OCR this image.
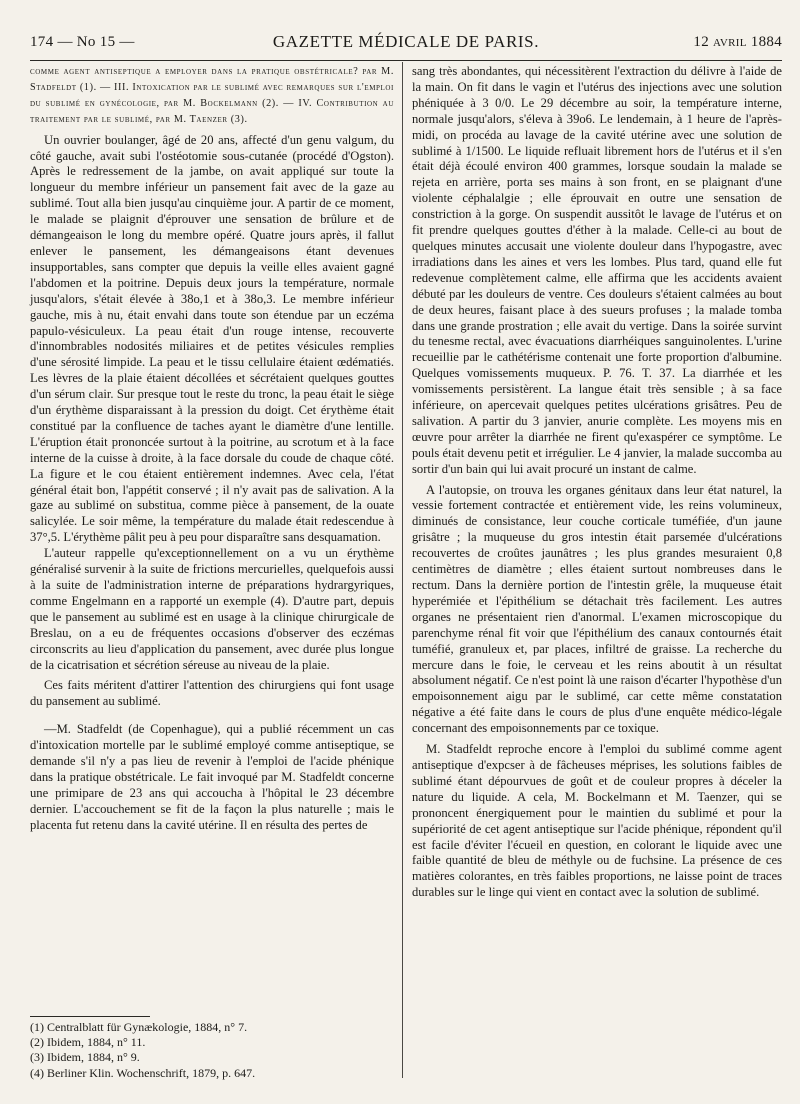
174 — No 15 —	GAZETTE MÉDICALE DE PARIS.	12 avril 1884

comme agent antiseptique a employer dans la pratique obstétricale? par M. Stadfeldt (1). — III. Intoxication par le sublimé avec remarques sur l'emploi du sublimé en gynécologie, par M. Bockelmann (2). — IV. Contribution au traitement par le sublimé, par M. Taenzer (3).

Un ouvrier boulanger, âgé de 20 ans, affecté d'un genu valgum, du côté gauche, avait subi l'ostéotomie sous-cutanée (procédé d'Ogston). Après le redressement de la jambe, on avait appliqué sur toute la longueur du membre inférieur un pansement fait avec de la gaze au sublimé. Tout alla bien jusqu'au cinquième jour. A partir de ce moment, le malade se plaignit d'éprouver une sensation de brûlure et de démangeaison le long du membre opéré. Quatre jours après, il fallut enlever le pansement, les démangeaisons étant devenues insupportables, sans compter que depuis la veille elles avaient gagné l'abdomen et la poitrine. Depuis deux jours la température, normale jusqu'alors, s'était élevée à 38o,1 et à 38o,3. Le membre inférieur gauche, mis à nu, était envahi dans toute son étendue par un eczéma papulo-vésiculeux. La peau était d'un rouge intense, recouverte d'innombrables nodosités miliaires et de petites vésicules remplies d'une sérosité limpide. La peau et le tissu cellulaire étaient œdématiés. Les lèvres de la plaie étaient décollées et sécrétaient quelques gouttes d'un sérum clair. Sur presque tout le reste du tronc, la peau était le siège d'un érythème disparaissant à la pression du doigt. Cet érythème était constitué par la confluence de taches ayant le diamètre d'une lentille. L'éruption était prononcée surtout à la poitrine, au scrotum et à la face interne de la cuisse à droite, à la face dorsale du coude de chaque côté. La figure et le cou étaient entièrement indemnes. Avec cela, l'état général était bon, l'appétit conservé ; il n'y avait pas de salivation. A la gaze au sublimé on substitua, comme pièce à pansement, de la ouate salicylée. Le soir même, la température du malade était redescendue à 37°,5. L'érythème pâlit peu à peu pour disparaître sans desquamation.

L'auteur rappelle qu'exceptionnellement on a vu un érythème généralisé survenir à la suite de frictions mercurielles, quelquefois aussi à la suite de l'administration interne de préparations hydrargyriques, comme Engelmann en a rapporté un exemple (4). D'autre part, depuis que le pansement au sublimé est en usage à la clinique chirurgicale de Breslau, on a eu de fréquentes occasions d'observer des eczémas circonscrits au lieu d'application du pansement, avec durée plus longue de la cicatrisation et sécrétion séreuse au niveau de la plaie.

Ces faits méritent d'attirer l'attention des chirurgiens qui font usage du pansement au sublimé.

—M. Stadfeldt (de Copenhague), qui a publié récemment un cas d'intoxication mortelle par le sublimé employé comme antiseptique, se demande s'il n'y a pas lieu de revenir à l'emploi de l'acide phénique dans la pratique obstétricale. Le fait invoqué par M. Stadfeldt concerne une primipare de 23 ans qui accoucha à l'hôpital le 23 décembre dernier. L'accouchement se fit de la façon la plus naturelle ; mais le placenta fut retenu dans la cavité utérine. Il en résulta des pertes de

(1) Centralblatt für Gynækologie, 1884, n° 7.
(2) Ibidem, 1884, n° 11.
(3) Ibidem, 1884, n° 9.
(4) Berliner Klin. Wochenschrift, 1879, p. 647.

sang très abondantes, qui nécessitèrent l'extraction du délivre à l'aide de la main. On fit dans le vagin et l'utérus des injections avec une solution phéniquée à 3 0/0. Le 29 décembre au soir, la température interne, normale jusqu'alors, s'éleva à 39o6. Le lendemain, à 1 heure de l'après-midi, on procéda au lavage de la cavité utérine avec une solution de sublimé à 1/1500. Le liquide refluait librement hors de l'utérus et il s'en était déjà écoulé environ 400 grammes, lorsque soudain la malade se rejeta en arrière, porta ses mains à son front, en se plaignant d'une violente céphalalgie ; elle éprouvait en outre une sensation de constriction à la gorge. On suspendit aussitôt le lavage de l'utérus et on fit prendre quelques gouttes d'éther à la malade. Celle-ci au bout de quelques minutes accusait une violente douleur dans l'hypogastre, avec irradiations dans les aines et vers les lombes. Plus tard, quand elle fut redevenue complètement calme, elle affirma que les accidents avaient débuté par les douleurs de ventre. Ces douleurs s'étaient calmées au bout de deux heures, faisant place à des sueurs profuses ; la malade tomba dans une grande prostration ; elle avait du vertige. Dans la soirée survint du tenesme rectal, avec évacuations diarrhéiques sanguinolentes. L'urine recueillie par le cathétérisme contenait une forte proportion d'albumine. Quelques vomissements muqueux. P. 76. T. 37. La diarrhée et les vomissements persistèrent. La langue était très sensible ; à sa face inférieure, on apercevait quelques petites ulcérations grisâtres. Peu de salivation. A partir du 3 janvier, anurie complète. Les moyens mis en œuvre pour arrêter la diarrhée ne firent qu'exaspérer ce symptôme. Le pouls était devenu petit et irrégulier. Le 4 janvier, la malade succomba au sortir d'un bain qui lui avait procuré un instant de calme.

A l'autopsie, on trouva les organes génitaux dans leur état naturel, la vessie fortement contractée et entièrement vide, les reins volumineux, diminués de consistance, leur couche corticale tuméfiée, d'un jaune grisâtre ; la muqueuse du gros intestin était parsemée d'ulcérations recouvertes de croûtes jaunâtres ; les plus grandes mesuraient 0,8 centimètres de diamètre ; elles étaient surtout nombreuses dans le rectum. Dans la dernière portion de l'intestin grêle, la muqueuse était hyperémiée et l'épithélium se détachait très facilement. Les autres organes ne présentaient rien d'anormal. L'examen microscopique du parenchyme rénal fit voir que l'épithélium des canaux contournés était tuméfié, granuleux et, par places, infiltré de graisse. La recherche du mercure dans le foie, le cerveau et les reins aboutit à un résultat absolument négatif. Ce n'est point là une raison d'écarter l'hypothèse d'un empoisonnement aigu par le sublimé, car cette même constatation négative a été faite dans le cours de plus d'une enquête médico-légale concernant des empoisonnements par ce toxique.

M. Stadfeldt reproche encore à l'emploi du sublimé comme agent antiseptique d'expcser à de fâcheuses méprises, les solutions faibles de sublimé étant dépourvues de goût et de couleur propres à déceler la nature du liquide. A cela, M. Bockelmann et M. Taenzer, qui se prononcent énergiquement pour le maintien du sublimé et pour la supériorité de cet agent antiseptique sur l'acide phénique, répondent qu'il est facile d'éviter l'écueil en question, en colorant le liquide avec une faible quantité de bleu de méthyle ou de fuchsine. La présence de ces matières colorantes, en très faibles proportions, ne laisse point de traces durables sur le linge qui vient en contact avec la solution de sublimé.
